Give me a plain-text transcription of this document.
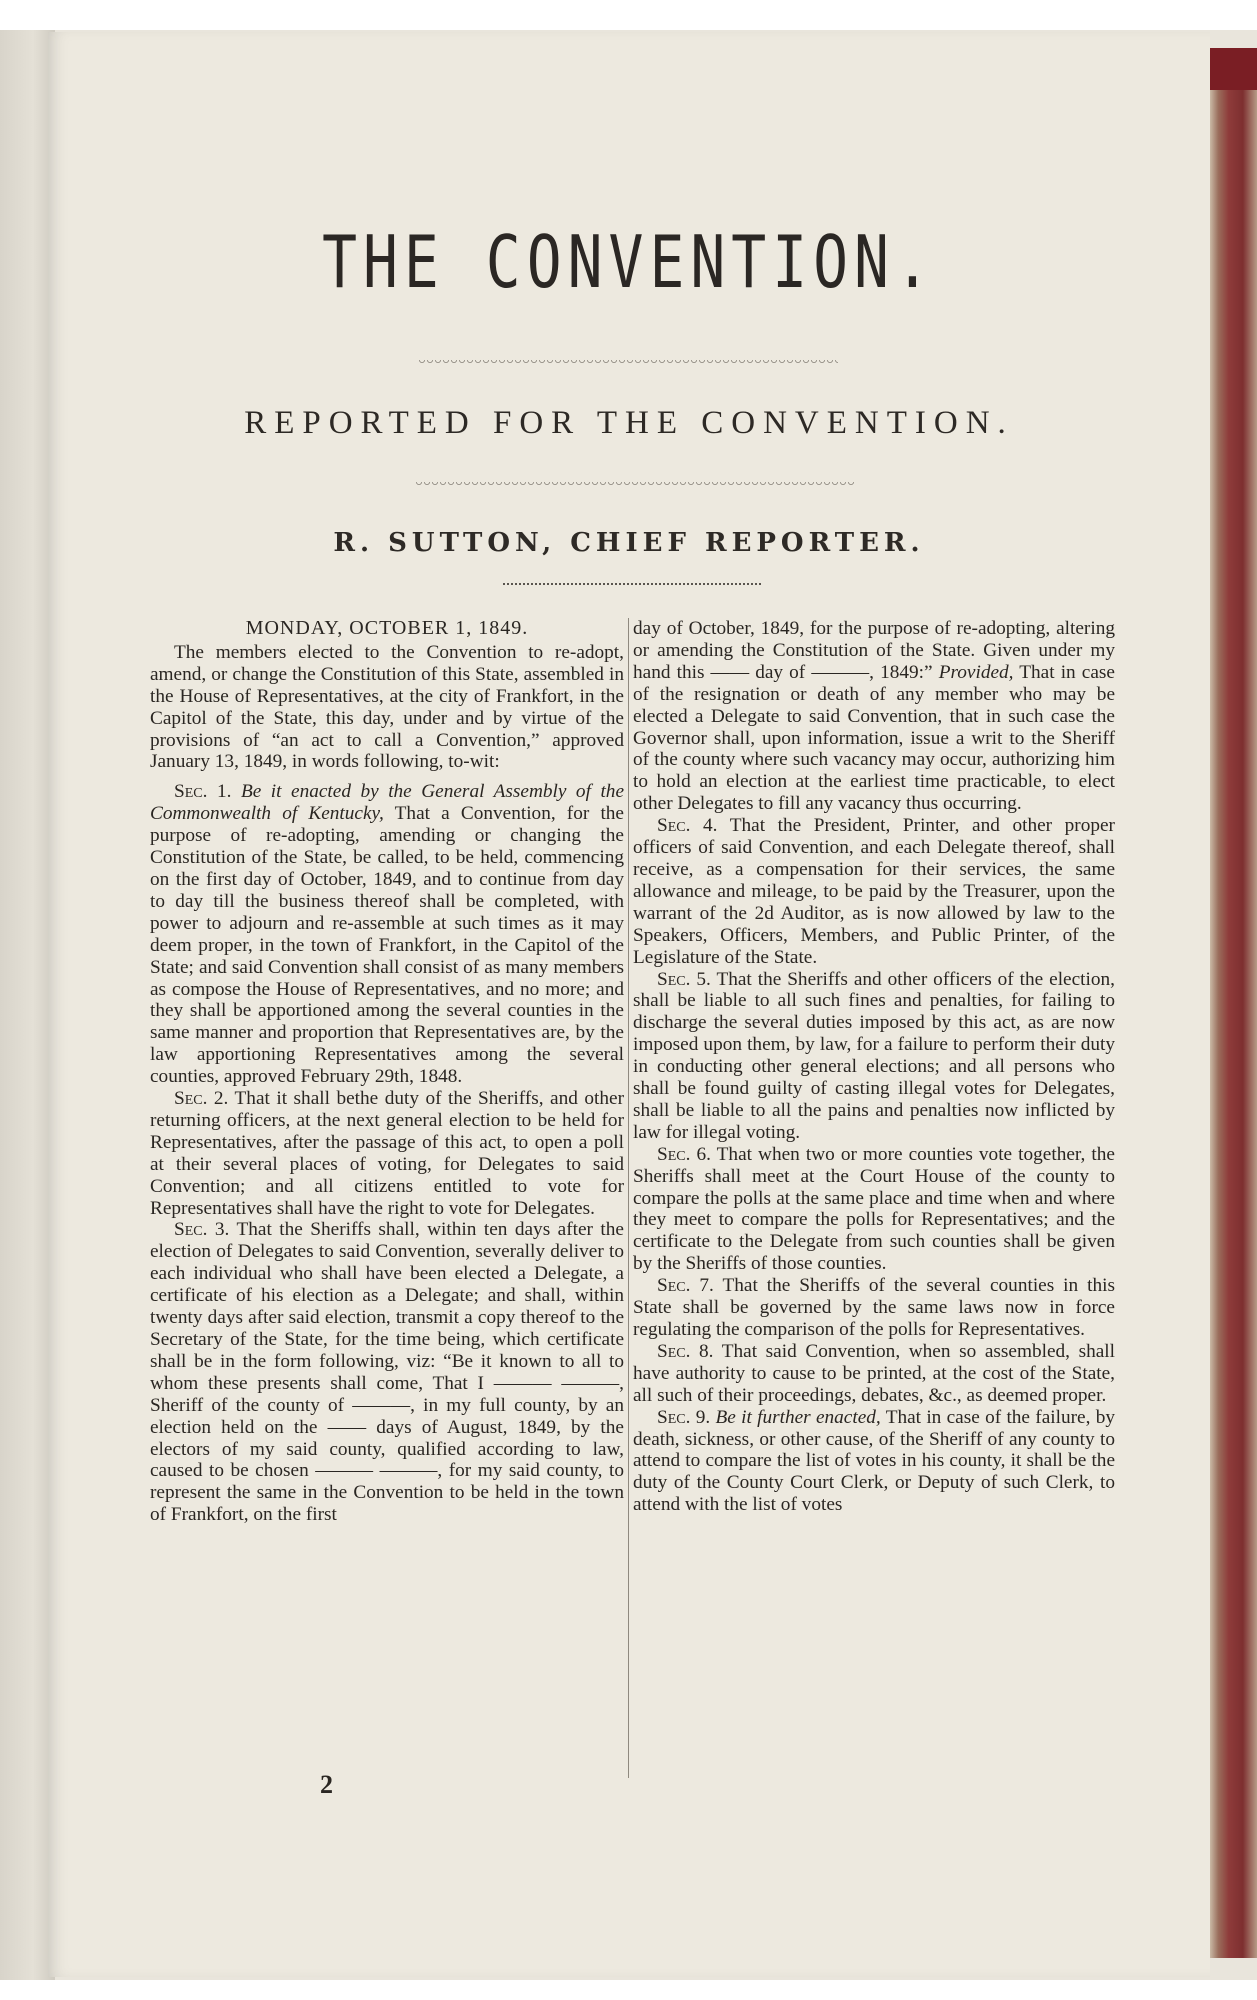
THE CONVENTION.
REPORTED FOR THE CONVENTION.
R. SUTTON, CHIEF REPORTER.

MONDAY, OCTOBER 1, 1849.

The members elected to the Convention to re-adopt, amend, or change the Constitution of this State, assembled in the House of Representatives, at the city of Frankfort, in the Capitol of the State, this day, under and by virtue of the provisions of “an act to call a Convention,” approved January 13, 1849, in words following, to-wit:

Sec. 1. Be it enacted by the General Assembly of the Commonwealth of Kentucky, That a Convention, for the purpose of re-adopting, amending or changing the Constitution of the State, be called, to be held, commencing on the first day of October, 1849, and to continue from day to day till the business thereof shall be completed, with power to adjourn and re-assemble at such times as it may deem proper, in the town of Frankfort, in the Capitol of the State; and said Convention shall consist of as many members as compose the House of Representatives, and no more; and they shall be apportioned among the several counties in the same manner and proportion that Representatives are, by the law apportioning Representatives among the several counties, approved February 29th, 1848.

Sec. 2. That it shall bethe duty of the Sheriffs, and other returning officers, at the next general election to be held for Representatives, after the passage of this act, to open a poll at their several places of voting, for Delegates to said Convention; and all citizens entitled to vote for Representatives shall have the right to vote for Delegates.

Sec. 3. That the Sheriffs shall, within ten days after the election of Delegates to said Convention, severally deliver to each individual who shall have been elected a Delegate, a certificate of his election as a Delegate; and shall, within twenty days after said election, transmit a copy thereof to the Secretary of the State, for the time being, which certificate shall be in the form following, viz: “Be it known to all to whom these presents shall come, That I ——— ———, Sheriff of the county of ———, in my full county, by an election held on the —— days of August, 1849, by the electors of my said county, qualified according to law, caused to be chosen ——— ———, for my said county, to represent the same in the Convention to be held in the town of Frankfort, on the first

day of October, 1849, for the purpose of re-adopting, altering or amending the Constitution of the State. Given under my hand this —— day of ———, 1849:” Provided, That in case of the resignation or death of any member who may be elected a Delegate to said Convention, that in such case the Governor shall, upon information, issue a writ to the Sheriff of the county where such vacancy may occur, authorizing him to hold an election at the earliest time practicable, to elect other Delegates to fill any vacancy thus occurring.

Sec. 4. That the President, Printer, and other proper officers of said Convention, and each Delegate thereof, shall receive, as a compensation for their services, the same allowance and mileage, to be paid by the Treasurer, upon the warrant of the 2d Auditor, as is now allowed by law to the Speakers, Officers, Members, and Public Printer, of the Legislature of the State.

Sec. 5. That the Sheriffs and other officers of the election, shall be liable to all such fines and penalties, for failing to discharge the several duties imposed by this act, as are now imposed upon them, by law, for a failure to perform their duty in conducting other general elections; and all persons who shall be found guilty of casting illegal votes for Delegates, shall be liable to all the pains and penalties now inflicted by law for illegal voting.

Sec. 6. That when two or more counties vote together, the Sheriffs shall meet at the Court House of the county to compare the polls at the same place and time when and where they meet to compare the polls for Representatives; and the certificate to the Delegate from such counties shall be given by the Sheriffs of those counties.

Sec. 7. That the Sheriffs of the several counties in this State shall be governed by the same laws now in force regulating the comparison of the polls for Representatives.

Sec. 8. That said Convention, when so assembled, shall have authority to cause to be printed, at the cost of the State, all such of their proceedings, debates, &c., as deemed proper.

Sec. 9. Be it further enacted, That in case of the failure, by death, sickness, or other cause, of the Sheriff of any county to attend to compare the list of votes in his county, it shall be the duty of the County Court Clerk, or Deputy of such Clerk, to attend with the list of votes

2
